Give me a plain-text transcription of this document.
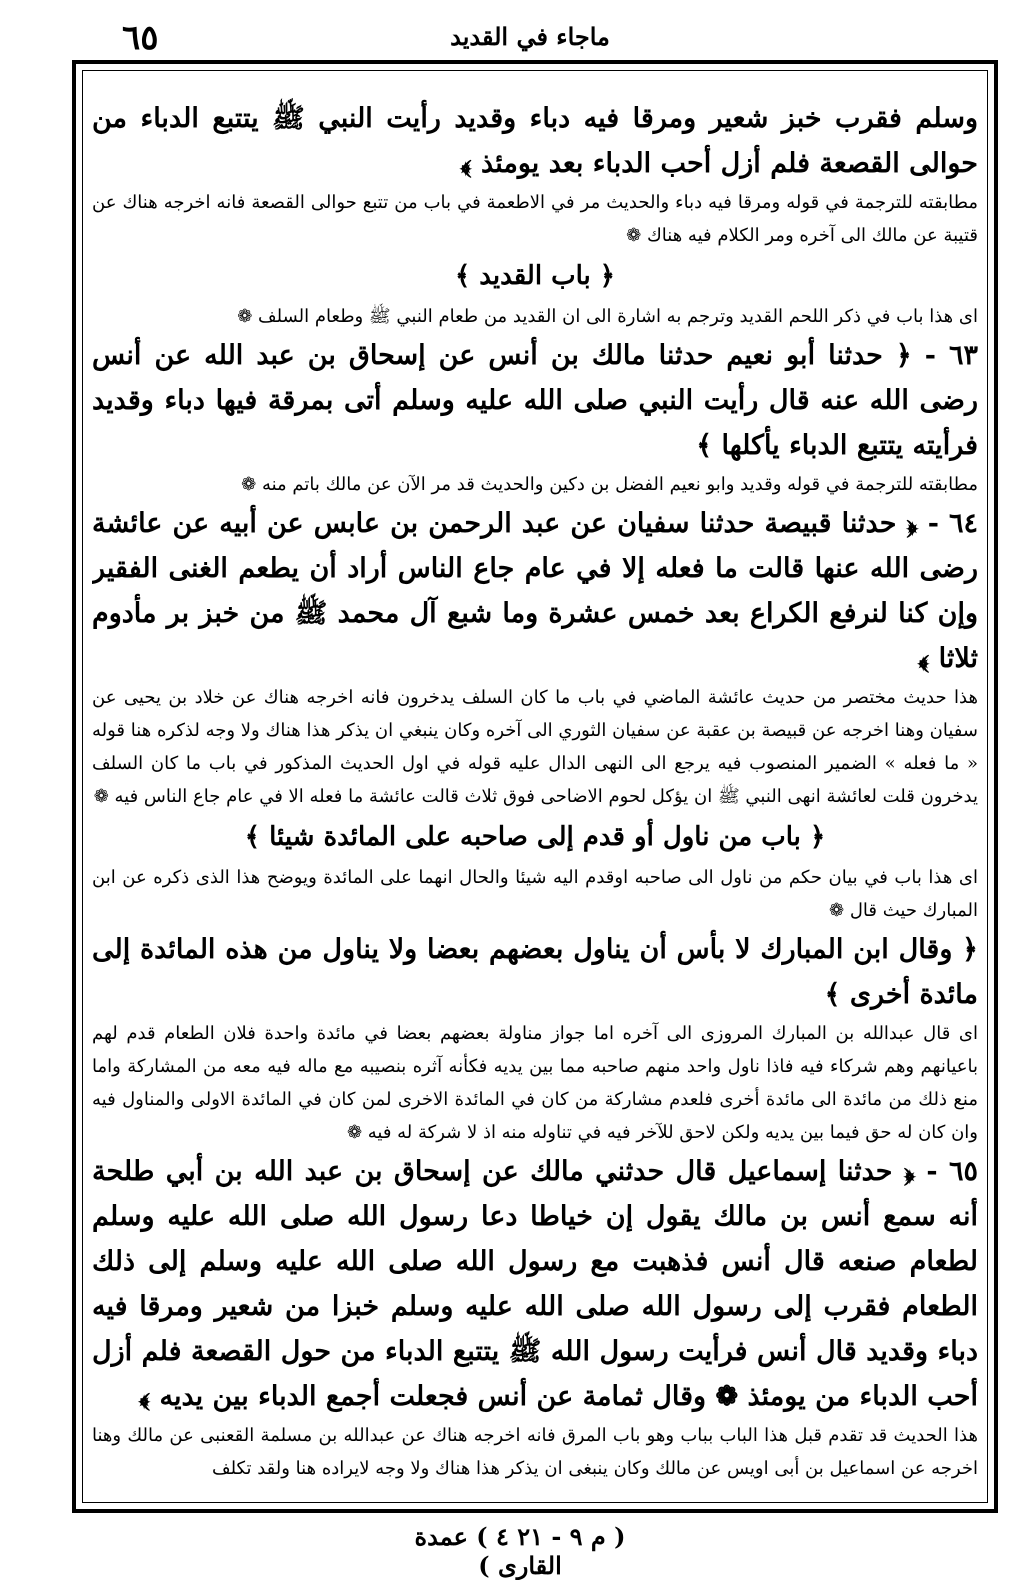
٦٥	ماجاء في القديد

وسلم فقرب خبز شعير ومرقا فيه دباء وقديد رأيت النبي ﷺ يتتبع الدباء من حوالى القصعة فلم أزل أحب الدباء بعد يومئذ ﴾

مطابقته للترجمة في قوله ومرقا فيه دباء والحديث مر في الاطعمة في باب من تتبع حوالى القصعة فانه اخرجه هناك عن قتيبة عن مالك الى آخره ومر الكلام فيه هناك ❁

﴿ باب القديد ﴾

اى هذا باب في ذكر اللحم القديد وترجم به اشارة الى ان القديد من طعام النبي ﷺ وطعام السلف ❁

٦٣ - ﴿ حدثنا أبو نعيم حدثنا مالك بن أنس عن إسحاق بن عبد الله عن أنس رضى الله عنه قال رأيت النبي صلى الله عليه وسلم أتى بمرقة فيها دباء وقديد فرأيته يتتبع الدباء يأكلها ﴾

مطابقته للترجمة في قوله وقديد وابو نعيم الفضل بن دكين والحديث قد مر الآن عن مالك باتم منه ❁

٦٤ - ﴿ حدثنا قبيصة حدثنا سفيان عن عبد الرحمن بن عابس عن أبيه عن عائشة رضى الله عنها قالت ما فعله إلا في عام جاع الناس أراد أن يطعم الغنى الفقير وإن كنا لنرفع الكراع بعد خمس عشرة وما شبع آل محمد ﷺ من خبز بر مأدوم ثلاثا ﴾

هذا حديث مختصر من حديث عائشة الماضي في باب ما كان السلف يدخرون فانه اخرجه هناك عن خلاد بن يحيى عن سفيان وهنا اخرجه عن قبيصة بن عقبة عن سفيان الثوري الى آخره وكان ينبغي ان يذكر هذا هناك ولا وجه لذكره هنا قوله « ما فعله » الضمير المنصوب فيه يرجع الى النهى الدال عليه قوله في اول الحديث المذكور في باب ما كان السلف يدخرون قلت لعائشة انهى النبي ﷺ ان يؤكل لحوم الاضاحى فوق ثلاث قالت عائشة ما فعله الا في عام جاع الناس فيه ❁

﴿ باب من ناول أو قدم إلى صاحبه على المائدة شيئا ﴾

اى هذا باب في بيان حكم من ناول الى صاحبه اوقدم اليه شيئا والحال انهما على المائدة ويوضح هذا الذى ذكره عن ابن المبارك حيث قال ❁

﴿ وقال ابن المبارك لا بأس أن يناول بعضهم بعضا ولا يناول من هذه المائدة إلى مائدة أخرى ﴾

اى قال عبدالله بن المبارك المروزى الى آخره اما جواز مناولة بعضهم بعضا في مائدة واحدة فلان الطعام قدم لهم باعيانهم وهم شركاء فيه فاذا ناول واحد منهم صاحبه مما بين يديه فكأنه آثره بنصيبه مع ماله فيه معه من المشاركة واما منع ذلك من مائدة الى مائدة أخرى فلعدم مشاركة من كان في المائدة الاخرى لمن كان في المائدة الاولى والمناول فيه وان كان له حق فيما بين يديه ولكن لاحق للآخر فيه في تناوله منه اذ لا شركة له فيه ❁

٦٥ - ﴿ حدثنا إسماعيل قال حدثني مالك عن إسحاق بن عبد الله بن أبي طلحة أنه سمع أنس بن مالك يقول إن خياطا دعا رسول الله صلى الله عليه وسلم لطعام صنعه قال أنس فذهبت مع رسول الله صلى الله عليه وسلم إلى ذلك الطعام فقرب إلى رسول الله صلى الله عليه وسلم خبزا من شعير ومرقا فيه دباء وقديد قال أنس فرأيت رسول الله ﷺ يتتبع الدباء من حول القصعة فلم أزل أحب الدباء من يومئذ ❁ وقال ثمامة عن أنس فجعلت أجمع الدباء بين يديه ﴾

هذا الحديث قد تقدم قبل هذا الباب بباب وهو باب المرق فانه اخرجه هناك عن عبدالله بن مسلمة القعنبى عن مالك وهنا اخرجه عن اسماعيل بن أبى اويس عن مالك وكان ينبغى ان يذكر هذا هناك ولا وجه لايراده هنا ولقد تكلف

( م ٩ - ٢١ ٤ ) عمدة القارى )
